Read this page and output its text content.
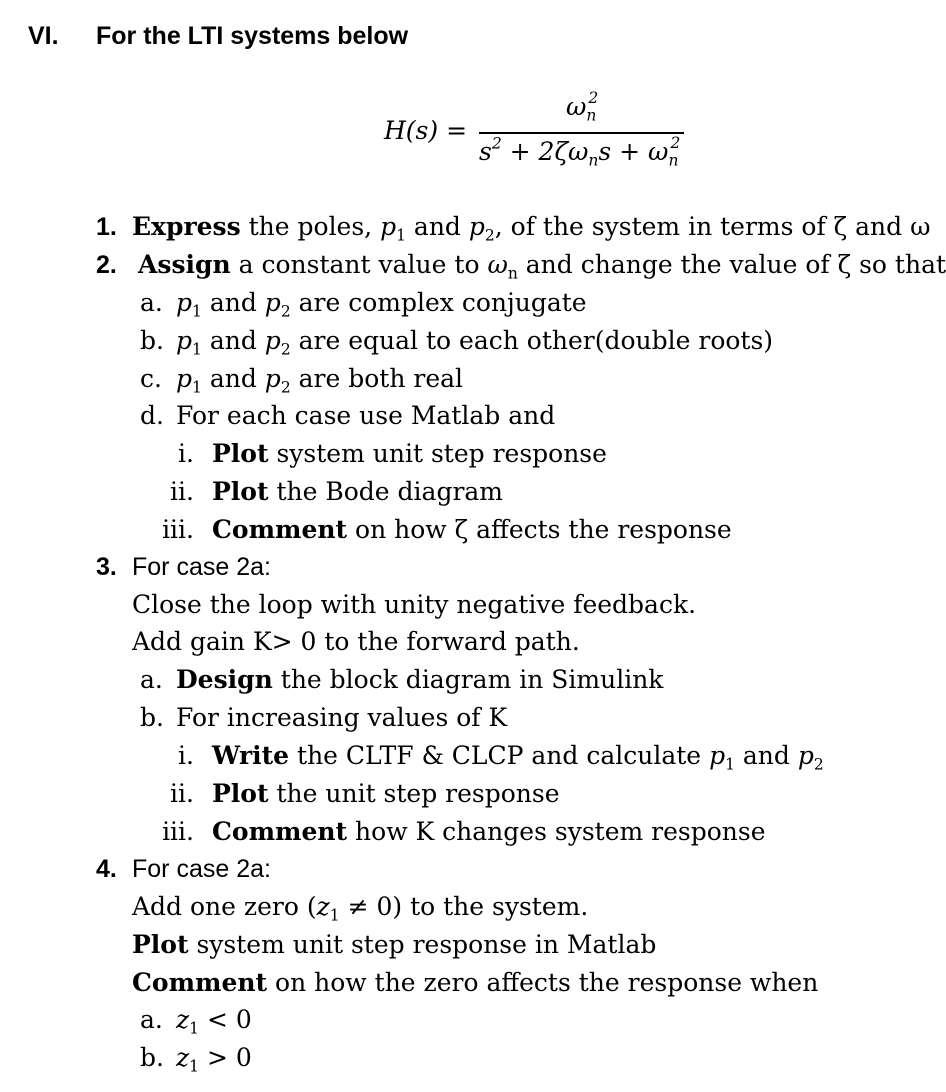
VI. For the LTI systems below
H(s) =
$\omega_n^2$
$s^2 + 2\zeta\omega_ns + \omega_n^2$
1. Express the poles, $p_1$ and $p_2$, of the system in terms of ζ and ω
2. Assign a constant value to $\omega_n$ and change the value of ζ so that
a. $p_1$ and $p_2$ are complex conjugate
b. $p_1$ and $p_2$ are equal to each other(double roots)
c. $p_1$ and $p_2$ are both real
d. For each case use Matlab and
i. Plot system unit step response
ii. Plot the Bode diagram
iii. Comment on how ζ affects the response
3. For case 2a:
Close the loop with unity negative feedback.
Add gain K> 0 to the forward path.
a. Design the block diagram in Simulink
b. For increasing values of K
i. Write the CLTF & CLCP and calculate $p_1$ and $p_2$
ii. Plot the unit step response
iii. Comment how K changes system response
4. For case 2a:
Add one zero $(z_1 \ne 0)$ to the system.
Plot system unit step response in Matlab
Comment on how the zero affects the response when
a. $z_1 < 0$
b. $z_1 > 0$
